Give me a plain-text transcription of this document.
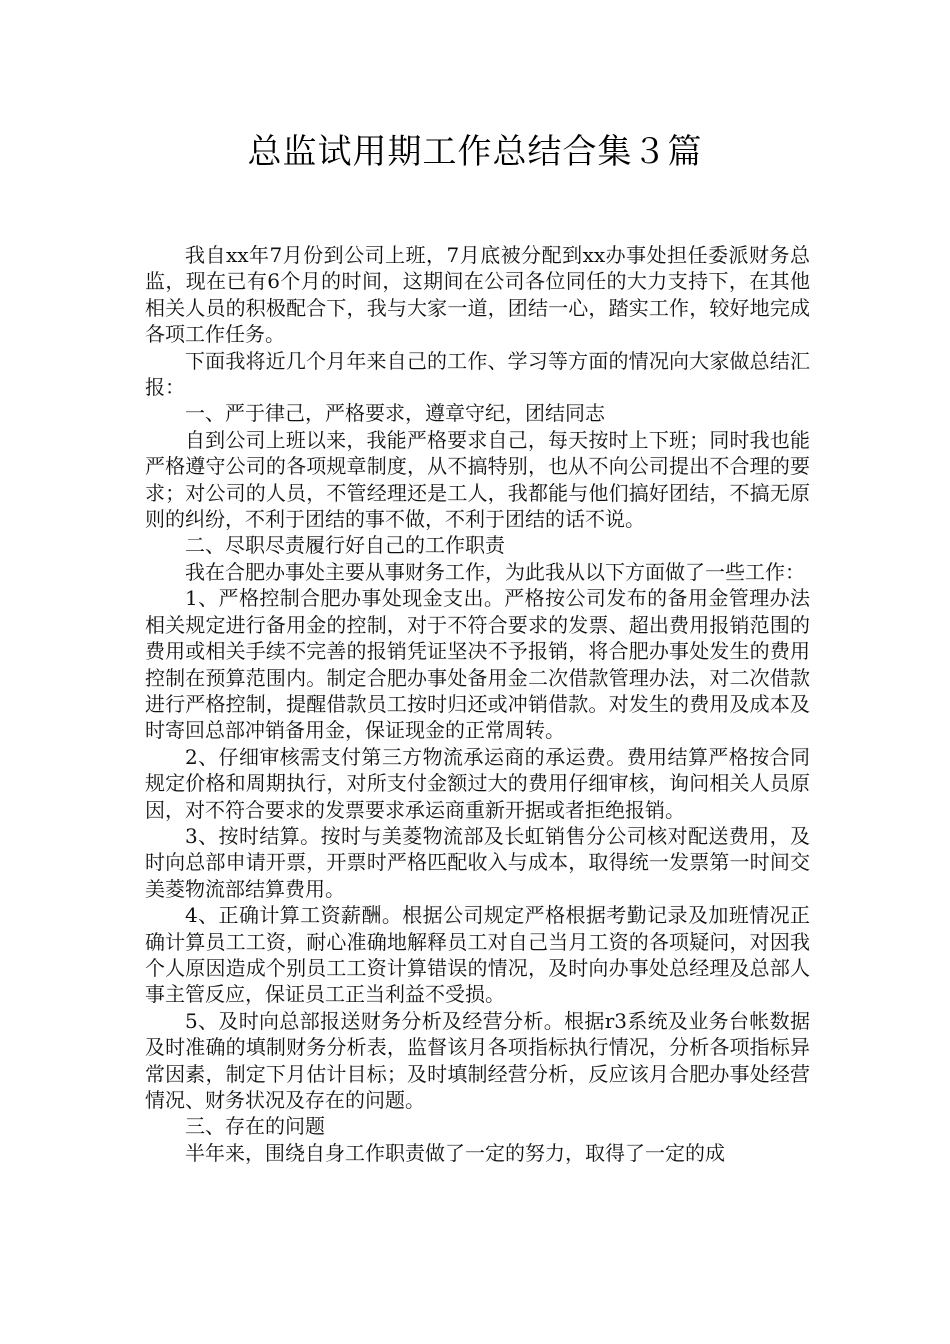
总监试用期工作总结合集３篇

我自xx年7月份到公司上班，7月底被分配到xx办事处担任委派财务总监，现在已有6个月的时间，这期间在公司各位同任的大力支持下，在其他相关人员的积极配合下，我与大家一道，团结一心，踏实工作，较好地完成各项工作任务。

下面我将近几个月年来自己的工作、学习等方面的情况向大家做总结汇报：

一、严于律己，严格要求，遵章守纪，团结同志

自到公司上班以来，我能严格要求自己，每天按时上下班；同时我也能严格遵守公司的各项规章制度，从不搞特别，也从不向公司提出不合理的要求；对公司的人员，不管经理还是工人，我都能与他们搞好团结，不搞无原则的纠纷，不利于团结的事不做，不利于团结的话不说。

二、尽职尽责履行好自己的工作职责

我在合肥办事处主要从事财务工作，为此我从以下方面做了一些工作：

1、严格控制合肥办事处现金支出。严格按公司发布的备用金管理办法相关规定进行备用金的控制，对于不符合要求的发票、超出费用报销范围的费用或相关手续不完善的报销凭证坚决不予报销，将合肥办事处发生的费用控制在预算范围内。制定合肥办事处备用金二次借款管理办法，对二次借款进行严格控制，提醒借款员工按时归还或冲销借款。对发生的费用及成本及时寄回总部冲销备用金，保证现金的正常周转。

2、仔细审核需支付第三方物流承运商的承运费。费用结算严格按合同规定价格和周期执行，对所支付金额过大的费用仔细审核，询问相关人员原因，对不符合要求的发票要求承运商重新开据或者拒绝报销。

3、按时结算。按时与美菱物流部及长虹销售分公司核对配送费用，及时向总部申请开票，开票时严格匹配收入与成本，取得统一发票第一时间交美菱物流部结算费用。

4、正确计算工资薪酬。根据公司规定严格根据考勤记录及加班情况正确计算员工工资，耐心准确地解释员工对自己当月工资的各项疑问，对因我个人原因造成个别员工工资计算错误的情况，及时向办事处总经理及总部人事主管反应，保证员工正当利益不受损。

5、及时向总部报送财务分析及经营分析。根据r3系统及业务台帐数据及时准确的填制财务分析表，监督该月各项指标执行情况，分析各项指标异常因素，制定下月估计目标；及时填制经营分析，反应该月合肥办事处经营情况、财务状况及存在的问题。

三、存在的问题

半年来，围绕自身工作职责做了一定的努力，取得了一定的成
